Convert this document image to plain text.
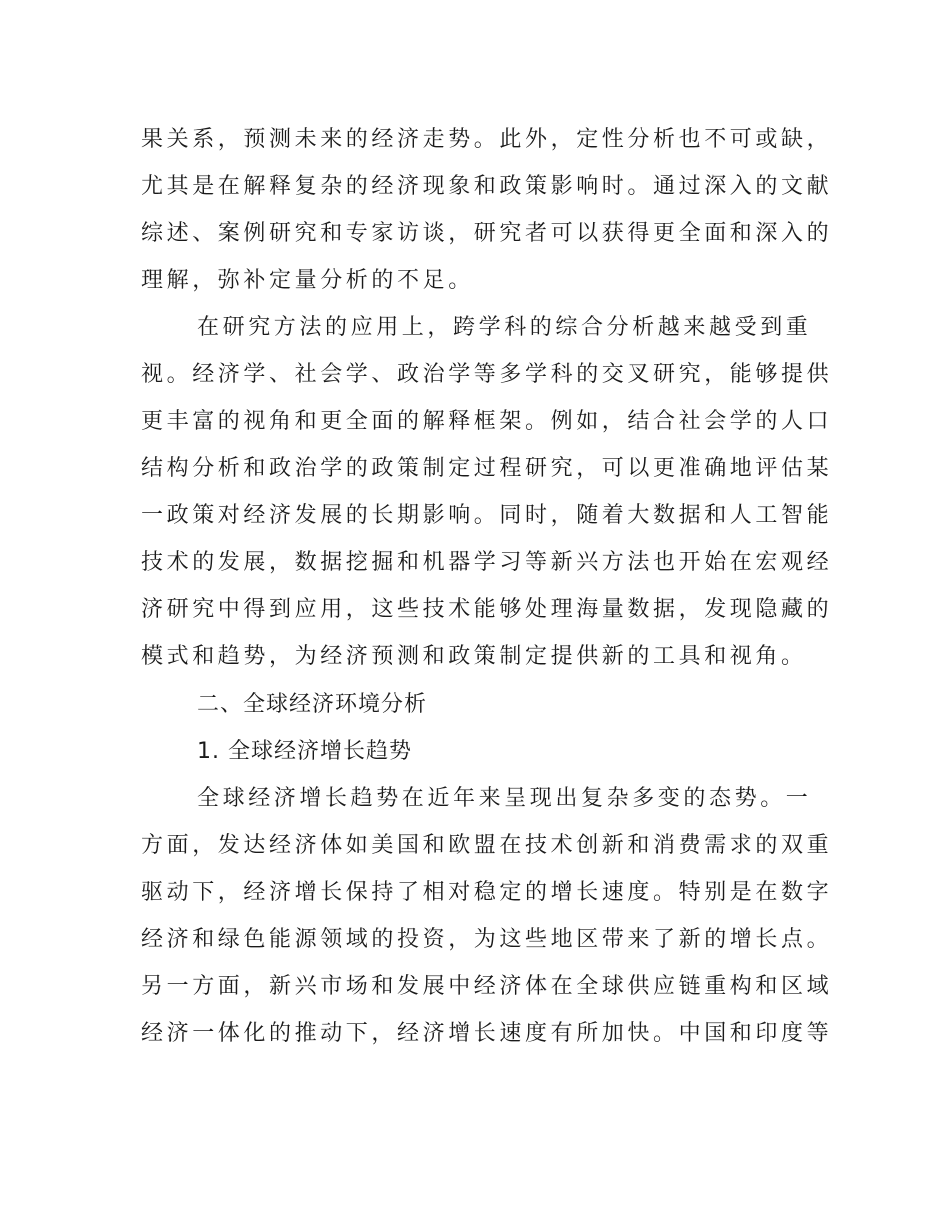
果关系，预测未来的经济走势。此外，定性分析也不可或缺，
尤其是在解释复杂的经济现象和政策影响时。通过深入的文献
综述、案例研究和专家访谈，研究者可以获得更全面和深入的
理解，弥补定量分析的不足。
在研究方法的应用上，跨学科的综合分析越来越受到重
视。经济学、社会学、政治学等多学科的交叉研究，能够提供
更丰富的视角和更全面的解释框架。例如，结合社会学的人口
结构分析和政治学的政策制定过程研究，可以更准确地评估某
一政策对经济发展的长期影响。同时，随着大数据和人工智能
技术的发展，数据挖掘和机器学习等新兴方法也开始在宏观经
济研究中得到应用，这些技术能够处理海量数据，发现隐藏的
模式和趋势，为经济预测和政策制定提供新的工具和视角。
二、全球经济环境分析
1. 全球经济增长趋势
全球经济增长趋势在近年来呈现出复杂多变的态势。一
方面，发达经济体如美国和欧盟在技术创新和消费需求的双重
驱动下，经济增长保持了相对稳定的增长速度。特别是在数字
经济和绿色能源领域的投资，为这些地区带来了新的增长点。
另一方面，新兴市场和发展中经济体在全球供应链重构和区域
经济一体化的推动下，经济增长速度有所加快。中国和印度等
